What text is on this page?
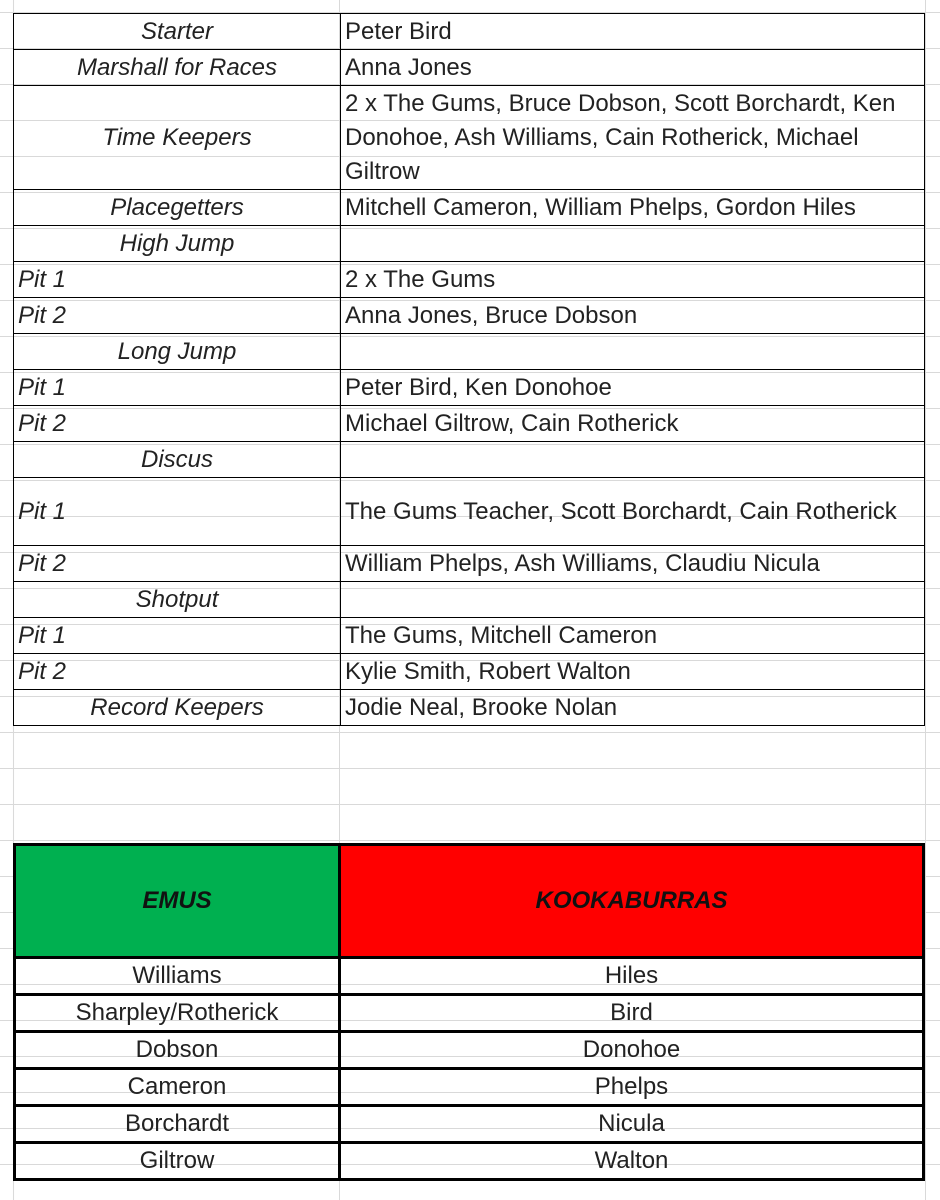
Starter	Peter Bird
Marshall for Races	Anna Jones
Time Keepers	2 x The Gums, Bruce Dobson, Scott Borchardt, Ken Donohoe, Ash Williams, Cain Rotherick, Michael Giltrow
Placegetters	Mitchell Cameron, William Phelps, Gordon Hiles
High Jump	
Pit 1	2 x The Gums
Pit 2	Anna Jones, Bruce Dobson
Long Jump	
Pit 1	Peter Bird, Ken Donohoe
Pit 2	Michael Giltrow, Cain Rotherick
Discus	
Pit 1	The Gums Teacher, Scott Borchardt, Cain Rotherick
Pit 2	William Phelps, Ash Williams, Claudiu Nicula
Shotput	
Pit 1	The Gums, Mitchell Cameron
Pit 2	Kylie Smith, Robert Walton
Record Keepers	Jodie Neal, Brooke Nolan
EMUS	KOOKABURRAS
Williams	Hiles
Sharpley/Rotherick	Bird
Dobson	Donohoe
Cameron	Phelps
Borchardt	Nicula
Giltrow	Walton
